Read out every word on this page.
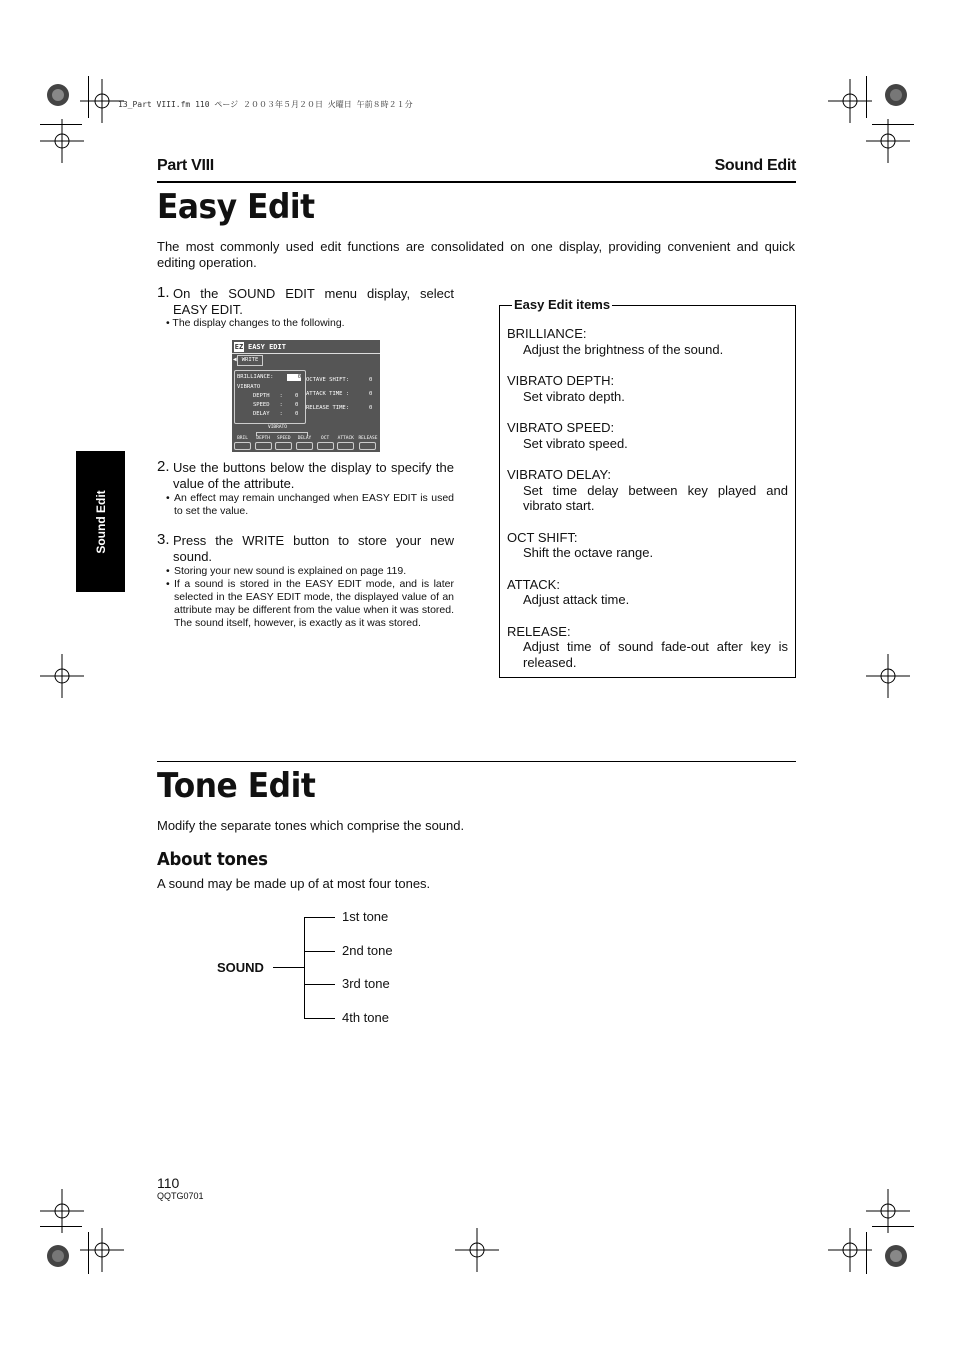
13_Part VIII.fm 110 ページ ２００３年５月２０日 火曜日 午前８時２１分
Part VIII	Sound Edit
Sound Edit
Easy Edit
The most commonly used edit functions are consolidated on one display, providing convenient and quick editing operation.
1. On the SOUND EDIT menu display, select EASY EDIT.
• The display changes to the following.
EZ EASY EDIT
◀ WRITE
BRILLIANCE:	0
VIBRATO
DEPTH   : 0
SPEED   : 0
DELAY   : 0
OCTAVE SHIFT:	0
ATTACK TIME :	0
RELEASE TIME:	0
VIBRATO
BRIL	DEPTH	SPEED	DELAY	OCT	ATTACK	RELEASE
2. Use the buttons below the display to specify the value of the attribute.
• An effect may remain unchanged when EASY EDIT is used to set the value.
3. Press the WRITE button to store your new sound.
• Storing your new sound is explained on page 119.
• If a sound is stored in the EASY EDIT mode, and is later selected in the EASY EDIT mode, the displayed value of an attribute may be different from the value when it was stored. The sound itself, however, is exactly as it was stored.
Easy Edit items
BRILLIANCE:
Adjust the brightness of the sound.
VIBRATO DEPTH:
Set vibrato depth.
VIBRATO SPEED:
Set vibrato speed.
VIBRATO DELAY:
Set time delay between key played and vibrato start.
OCT SHIFT:
Shift the octave range.
ATTACK:
Adjust attack time.
RELEASE:
Adjust time of sound fade-out after key is released.
Tone Edit
Modify the separate tones which comprise the sound.
About tones
A sound may be made up of at most four tones.
SOUND
1st tone
2nd tone
3rd tone
4th tone
110
QQTG0701
